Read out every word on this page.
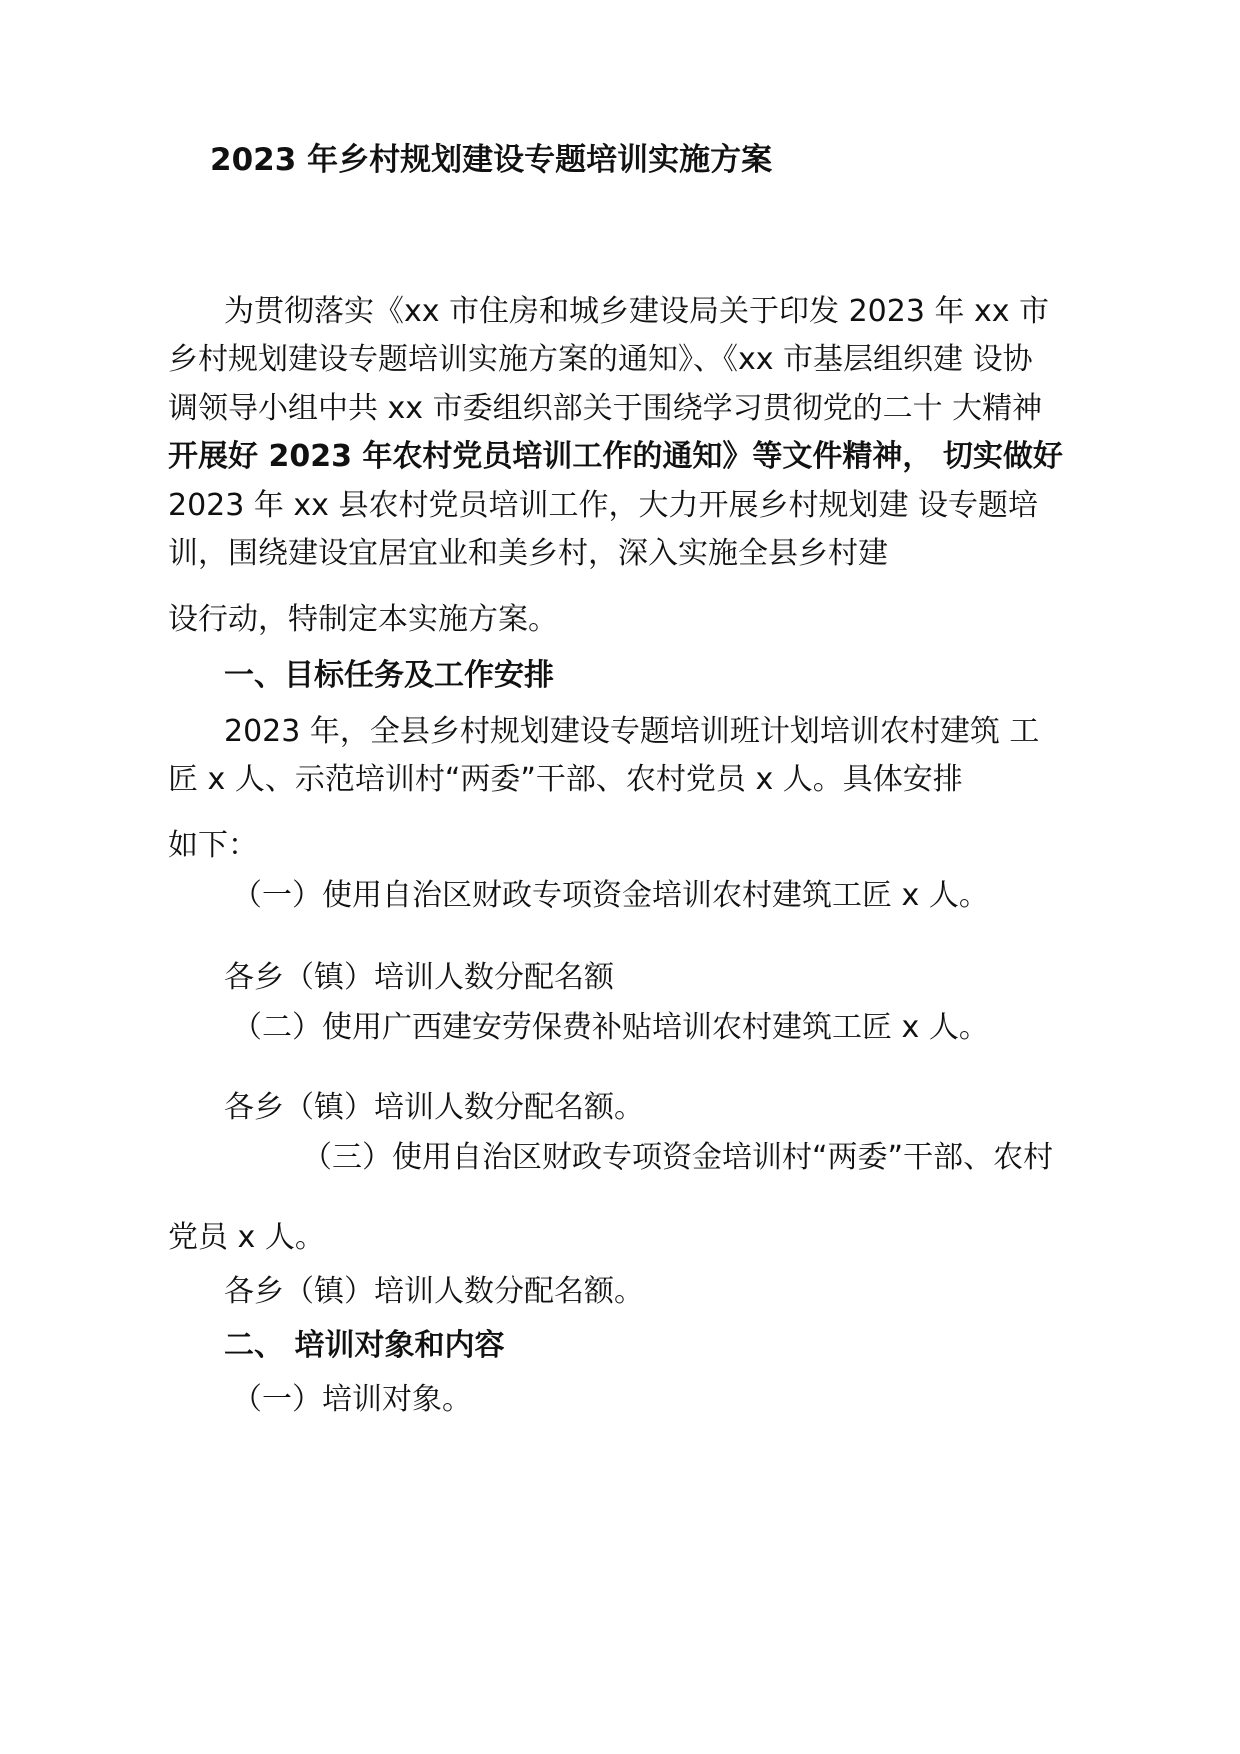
2023 年乡村规划建设专题培训实施方案

为贯彻落实《xx 市住房和城乡建设局关于印发 2023 年 xx 市

乡村规划建设专题培训实施方案的通知》、《xx 市基层组织建 设协

调领导小组中共 xx 市委组织部关于围绕学习贯彻党的二十 大精神

开展好 2023 年农村党员培训工作的通知》等文件精神， 切实做好

2023 年 xx 县农村党员培训工作，大力开展乡村规划建 设专题培

训，围绕建设宜居宜业和美乡村，深入实施全县乡村建

设行动，特制定本实施方案。

一、目标任务及工作安排

2023 年，全县乡村规划建设专题培训班计划培训农村建筑 工

匠 x 人、示范培训村“两委”干部、农村党员 x 人。具体安排

如下：

（一）使用自治区财政专项资金培训农村建筑工匠 x 人。

各乡（镇）培训人数分配名额

（二）使用广西建安劳保费补贴培训农村建筑工匠 x 人。

各乡（镇）培训人数分配名额。

（三）使用自治区财政专项资金培训村“两委”干部、农村

党员 x 人。

各乡（镇）培训人数分配名额。

二、 培训对象和内容

（一）培训对象。
